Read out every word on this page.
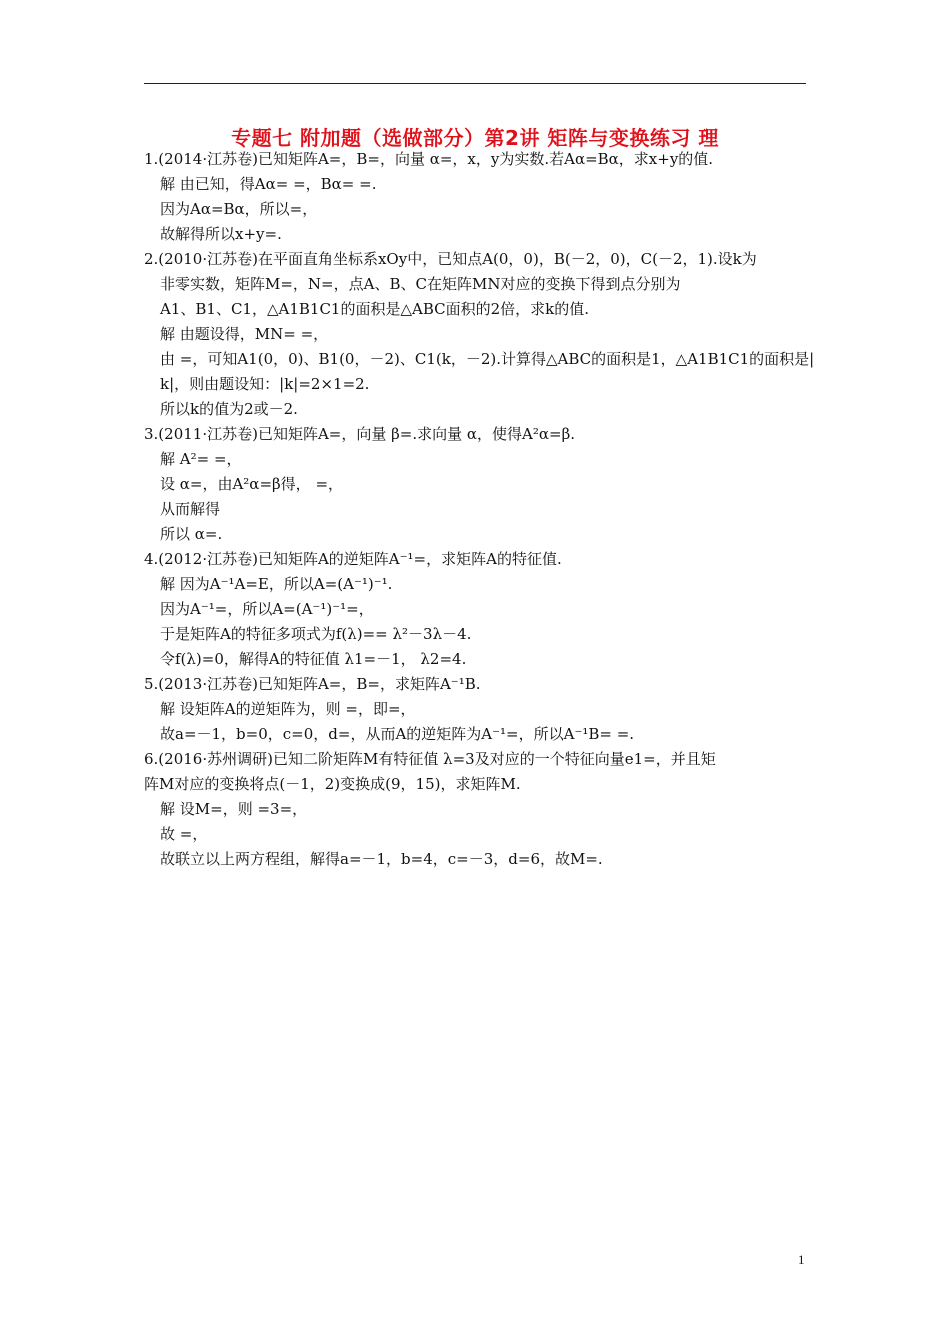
专题七 附加题（选做部分）第2讲 矩阵与变换练习 理
1.(2014·江苏卷)已知矩阵A=，B=，向量 α=，x，y为实数.若Aα=Bα，求x+y的值.
解 由已知，得Aα= =，Bα= =.
因为Aα=Bα，所以=，
故解得所以x+y=.
2.(2010·江苏卷)在平面直角坐标系xOy中，已知点A(0，0)，B(－2，0)，C(－2，1).设k为
非零实数，矩阵M=，N=，点A、B、C在矩阵MN对应的变换下得到点分别为
A1、B1、C1，△A1B1C1的面积是△ABC面积的2倍，求k的值.
解 由题设得，MN= =，
由 =，可知A1(0，0)、B1(0，－2)、C1(k，－2).计算得△ABC的面积是1，△A1B1C1的面积是|
k|，则由题设知：|k|=2×1=2.
所以k的值为2或－2.
3.(2011·江苏卷)已知矩阵A=，向量 β=.求向量 α，使得A²α=β.
解 A²= =，
设 α=，由A²α=β得， =，
从而解得
所以 α=.
4.(2012·江苏卷)已知矩阵A的逆矩阵A⁻¹=，求矩阵A的特征值.
解 因为A⁻¹A=E，所以A=(A⁻¹)⁻¹.
因为A⁻¹=，所以A=(A⁻¹)⁻¹=，
于是矩阵A的特征多项式为f(λ)== λ²－3λ－4.
令f(λ)=0，解得A的特征值 λ1=－1， λ2=4.
5.(2013·江苏卷)已知矩阵A=，B=，求矩阵A⁻¹B.
解 设矩阵A的逆矩阵为，则 =，即=，
故a=－1，b=0，c=0，d=，从而A的逆矩阵为A⁻¹=，所以A⁻¹B= =.
6.(2016·苏州调研)已知二阶矩阵M有特征值 λ=3及对应的一个特征向量e1=，并且矩
阵M对应的变换将点(－1，2)变换成(9，15)，求矩阵M.
解 设M=，则 =3=，
故 =，
故联立以上两方程组，解得a=－1，b=4，c=－3，d=6，故M=.
1
